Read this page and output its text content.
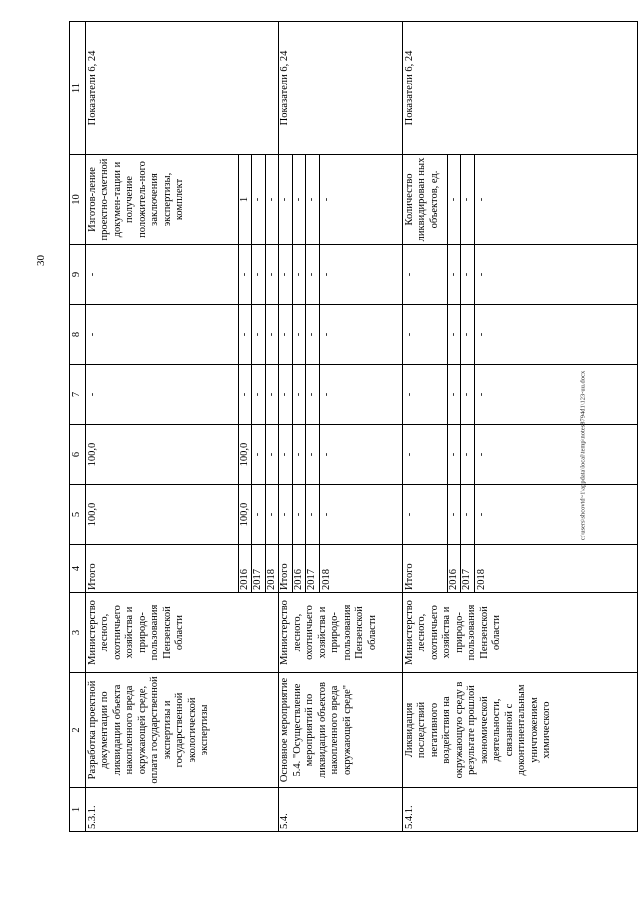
30
1	2	3	4	5	6	7	8	9	10	11
5.3.1.	Разработка проектной документации по ликвидации объекта накопленного вреда окружающей среде, оплата государственной экспертизы и государственной экологической экспертизы	Министерство лесного, охотничьего хозяйства и природо-пользования Пензенской области	Итого	100,0	100,0	-	-	-	Изготов-ление проектно-сметной докумен-тации и получение положитель-ного заключения экспертизы, комплект	Показатели 6, 24
			2016	100,0	100,0	-	-	-	1	
			2017	-	-	-	-	-	-	
			2018	-	-	-	-	-	-	
5.4.	Основное мероприятие 5.4. "Осуществление мероприятий по ликвидации объектов накопленного вреда окружающей среде"	Министерство лесного, охотничьего хозяйства и природо-пользования Пензенской области	Итого	-	-	-	-	-	-	Показатели 6, 24
			2016	-	-	-	-	-	-	
			2017	-	-	-	-	-	-	
			2018	-	-	-	-	-	-	
5.4.1.	Ликвидация последствий негативного воздействия на окружающую среду в результате прошлой экономической деятельности, связанной с доконтинентальным уничтожением химического	Министерство лесного, охотничьего хозяйства и природо-пользования Пензенской области	Итого	-	-	-	-	-	Количество ликвидирован ных объектов, ед.	Показатели 6, 24
			2016	-	-	-	-	-	-	
			2017	-	-	-	-	-	-	
			2018	-	-	-	-	-	-	
c:\users\shcovtd~1\appdata\local\temp\notes8794d1\123-uu.docx
